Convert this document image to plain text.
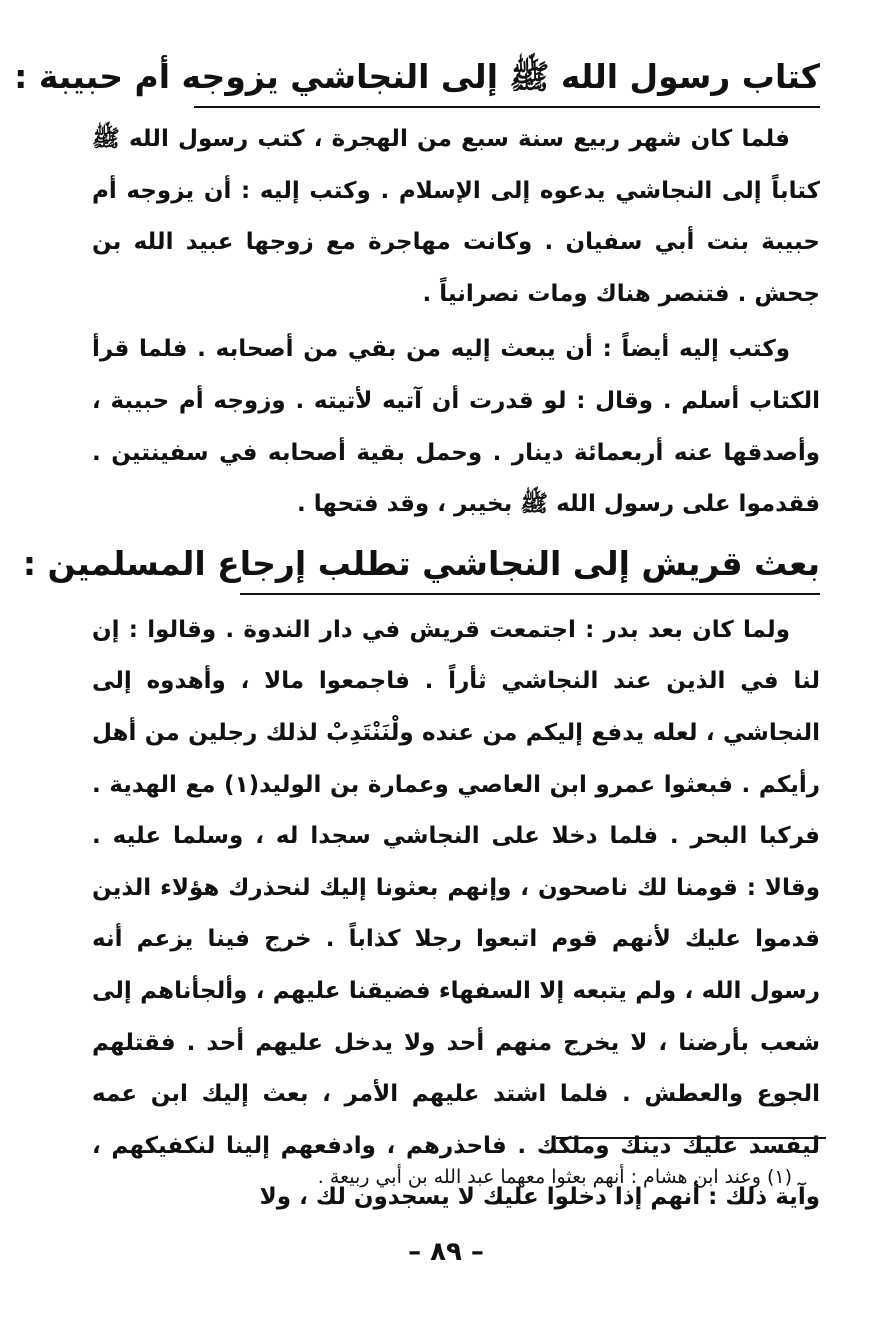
كتاب رسول الله ﷺ إلى النجاشي يزوجه أم حبيبة :

فلما كان شهر ربيع سنة سبع من الهجرة ، كتب رسول الله ﷺ كتاباً إلى النجاشي يدعوه إلى الإسلام . وكتب إليه : أن يزوجه أم حبيبة بنت أبي سفيان . وكانت مهاجرة مع زوجها عبيد الله بن جحش . فتنصر هناك ومات نصرانياً .

وكتب إليه أيضاً : أن يبعث إليه من بقي من أصحابه . فلما قرأ الكتاب أسلم . وقال : لو قدرت أن آتيه لأتيته . وزوجه أم حبيبة ، وأصدقها عنه أربعمائة دينار . وحمل بقية أصحابه في سفينتين . فقدموا على رسول الله ﷺ بخيبر ، وقد فتحها .

بعث قريش إلى النجاشي تطلب إرجاع المسلمين :

ولما كان بعد بدر : اجتمعت قريش في دار الندوة . وقالوا : إن لنا في الذين عند النجاشي ثأراً . فاجمعوا مالا ، وأهدوه إلى النجاشي ، لعله يدفع إليكم من عنده ولْنَنْتَدِبْ لذلك رجلين من أهل رأيكم . فبعثوا عمرو ابن العاصي وعمارة بن الوليد(١) مع الهدية . فركبا البحر . فلما دخلا على النجاشي سجدا له ، وسلما عليه . وقالا : قومنا لك ناصحون ، وإنهم بعثونا إليك لنحذرك هؤلاء الذين قدموا عليك لأنهم قوم اتبعوا رجلا كذاباً . خرج فينا يزعم أنه رسول الله ، ولم يتبعه إلا السفهاء فضيقنا عليهم ، وألجأناهم إلى شعب بأرضنا ، لا يخرج منهم أحد ولا يدخل عليهم أحد . فقتلهم الجوع والعطش . فلما اشتد عليهم الأمر ، بعث إليك ابن عمه ليفسد عليك دينك وملكك . فاحذرهم ، وادفعهم إلينا لنكفيكهم ، وآية ذلك : أنهم إذا دخلوا عليك لا يسجدون لك ، ولا

(١) وعند ابن هشام : أنهم بعثوا معهما عبد الله بن أبي ربيعة .
– ٨٩ –
